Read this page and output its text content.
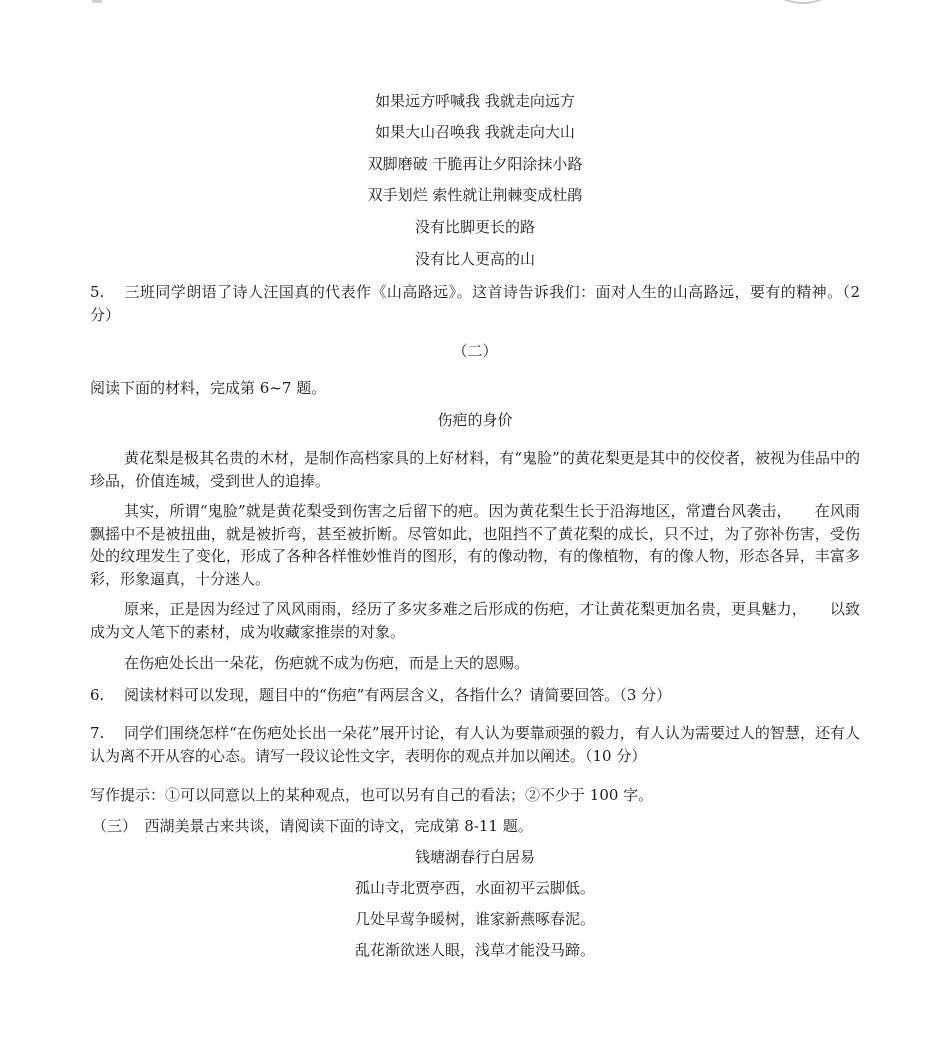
如果远方呼喊我 我就走向远方
如果大山召唤我 我就走向大山
双脚磨破 干脆再让夕阳涂抹小路
双手划烂 索性就让荆棘变成杜鹃
没有比脚更长的路
没有比人更高的山
5. 三班同学朗语了诗人汪国真的代表作《山高路远》。这首诗告诉我们：面对人生的山高路远，要有的精神。（2 分）
（二）
阅读下面的材料，完成第 6~7 题。
伤疤的身价
黄花梨是极其名贵的木材，是制作高档家具的上好材料，有“鬼脸”的黄花梨更是其中的佼佼者，被视为佳品中的珍品，价值连城，受到世人的追捧。
其实，所谓“鬼脸”就是黄花梨受到伤害之后留下的疤。因为黄花梨生长于沿海地区，常遭台风袭击，　　在风雨飘摇中不是被扭曲，就是被折弯，甚至被折断。尽管如此，也阻挡不了黄花梨的成长，只不过，为了弥补伤害，受伤处的纹理发生了变化，形成了各种各样惟妙惟肖的图形，有的像动物，有的像植物，有的像人物，形态各异，丰富多彩，形象逼真，十分迷人。
原来，正是因为经过了风风雨雨，经历了多灾多难之后形成的伤疤，才让黄花梨更加名贵，更具魅力，　　以致成为文人笔下的素材，成为收藏家推崇的对象。
在伤疤处长出一朵花，伤疤就不成为伤疤，而是上天的恩赐。
6. 阅读材料可以发现，题目中的“伤疤”有两层含义，各指什么？请简要回答。（3 分）
7. 同学们围绕怎样“在伤疤处长出一朵花”展开讨论，有人认为要靠顽强的毅力，有人认为需要过人的智慧，还有人认为离不开从容的心态。请写一段议论性文字，表明你的观点并加以阐述。（10 分）
写作提示：①可以同意以上的某种观点，也可以另有自己的看法；②不少于 100 字。
（三）　西湖美景古来共谈，请阅读下面的诗文，完成第 8-11 题。
钱塘湖春行白居易
孤山寺北贾亭西，水面初平云脚低。
几处早莺争暖树，谁家新燕啄春泥。
乱花渐欲迷人眼，浅草才能没马蹄。
